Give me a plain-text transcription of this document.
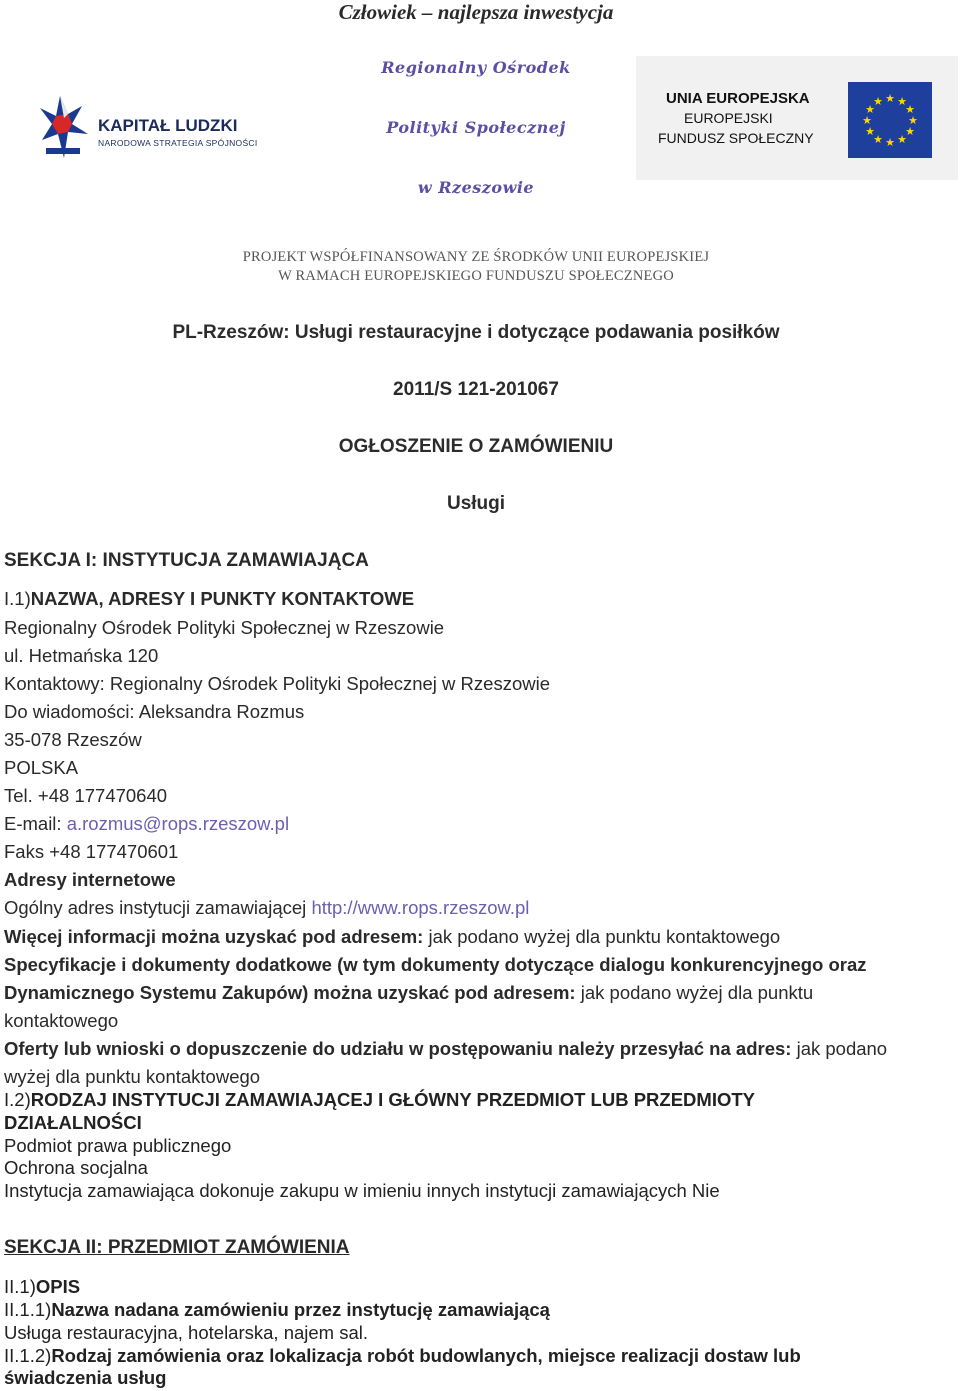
Człowiek – najlepsza inwestycja
KAPITAŁ LUDZKI
NARODOWA STRATEGIA SPÓJNOŚCI
Regionalny Ośrodek
Polityki Społecznej
w Rzeszowie
UNIA EUROPEJSKA
EUROPEJSKI
FUNDUSZ SPOŁECZNY
★ ★
★
★
★
★
★
★
★
★
★
★
PROJEKT WSPÓŁFINANSOWANY ZE ŚRODKÓW UNII EUROPEJSKIEJ
W RAMACH EUROPEJSKIEGO FUNDUSZU SPOŁECZNEGO
PL-Rzeszów: Usługi restauracyjne i dotyczące podawania posiłków
2011/S 121-201067
OGŁOSZENIE O ZAMÓWIENIU
Usługi
SEKCJA I: INSTYTUCJA ZAMAWIAJĄCA
I.1)NAZWA, ADRESY I PUNKTY KONTAKTOWE
Regionalny Ośrodek Polityki Społecznej w Rzeszowie
ul. Hetmańska 120
Kontaktowy: Regionalny Ośrodek Polityki Społecznej w Rzeszowie
Do wiadomości: Aleksandra Rozmus
35-078 Rzeszów
POLSKA
Tel. +48 177470640
E-mail: a.rozmus@rops.rzeszow.pl
Faks +48 177470601
Adresy internetowe
Ogólny adres instytucji zamawiającej http://www.rops.rzeszow.pl
Więcej informacji można uzyskać pod adresem: jak podano wyżej dla punktu kontaktowego
Specyfikacje i dokumenty dodatkowe (w tym dokumenty dotyczące dialogu konkurencyjnego oraz
Dynamicznego Systemu Zakupów) można uzyskać pod adresem: jak podano wyżej dla punktu
kontaktowego
Oferty lub wnioski o dopuszczenie do udziału w postępowaniu należy przesyłać na adres: jak podano
wyżej dla punktu kontaktowego
I.2)RODZAJ INSTYTUCJI ZAMAWIAJĄCEJ I GŁÓWNY PRZEDMIOT LUB PRZEDMIOTY
DZIAŁALNOŚCI
Podmiot prawa publicznego
Ochrona socjalna
Instytucja zamawiająca dokonuje zakupu w imieniu innych instytucji zamawiających Nie
SEKCJA II: PRZEDMIOT ZAMÓWIENIA
II.1)OPIS
II.1.1)Nazwa nadana zamówieniu przez instytucję zamawiającą
Usługa restauracyjna, hotelarska, najem sal.
II.1.2)Rodzaj zamówienia oraz lokalizacja robót budowlanych, miejsce realizacji dostaw lub
świadczenia usług
